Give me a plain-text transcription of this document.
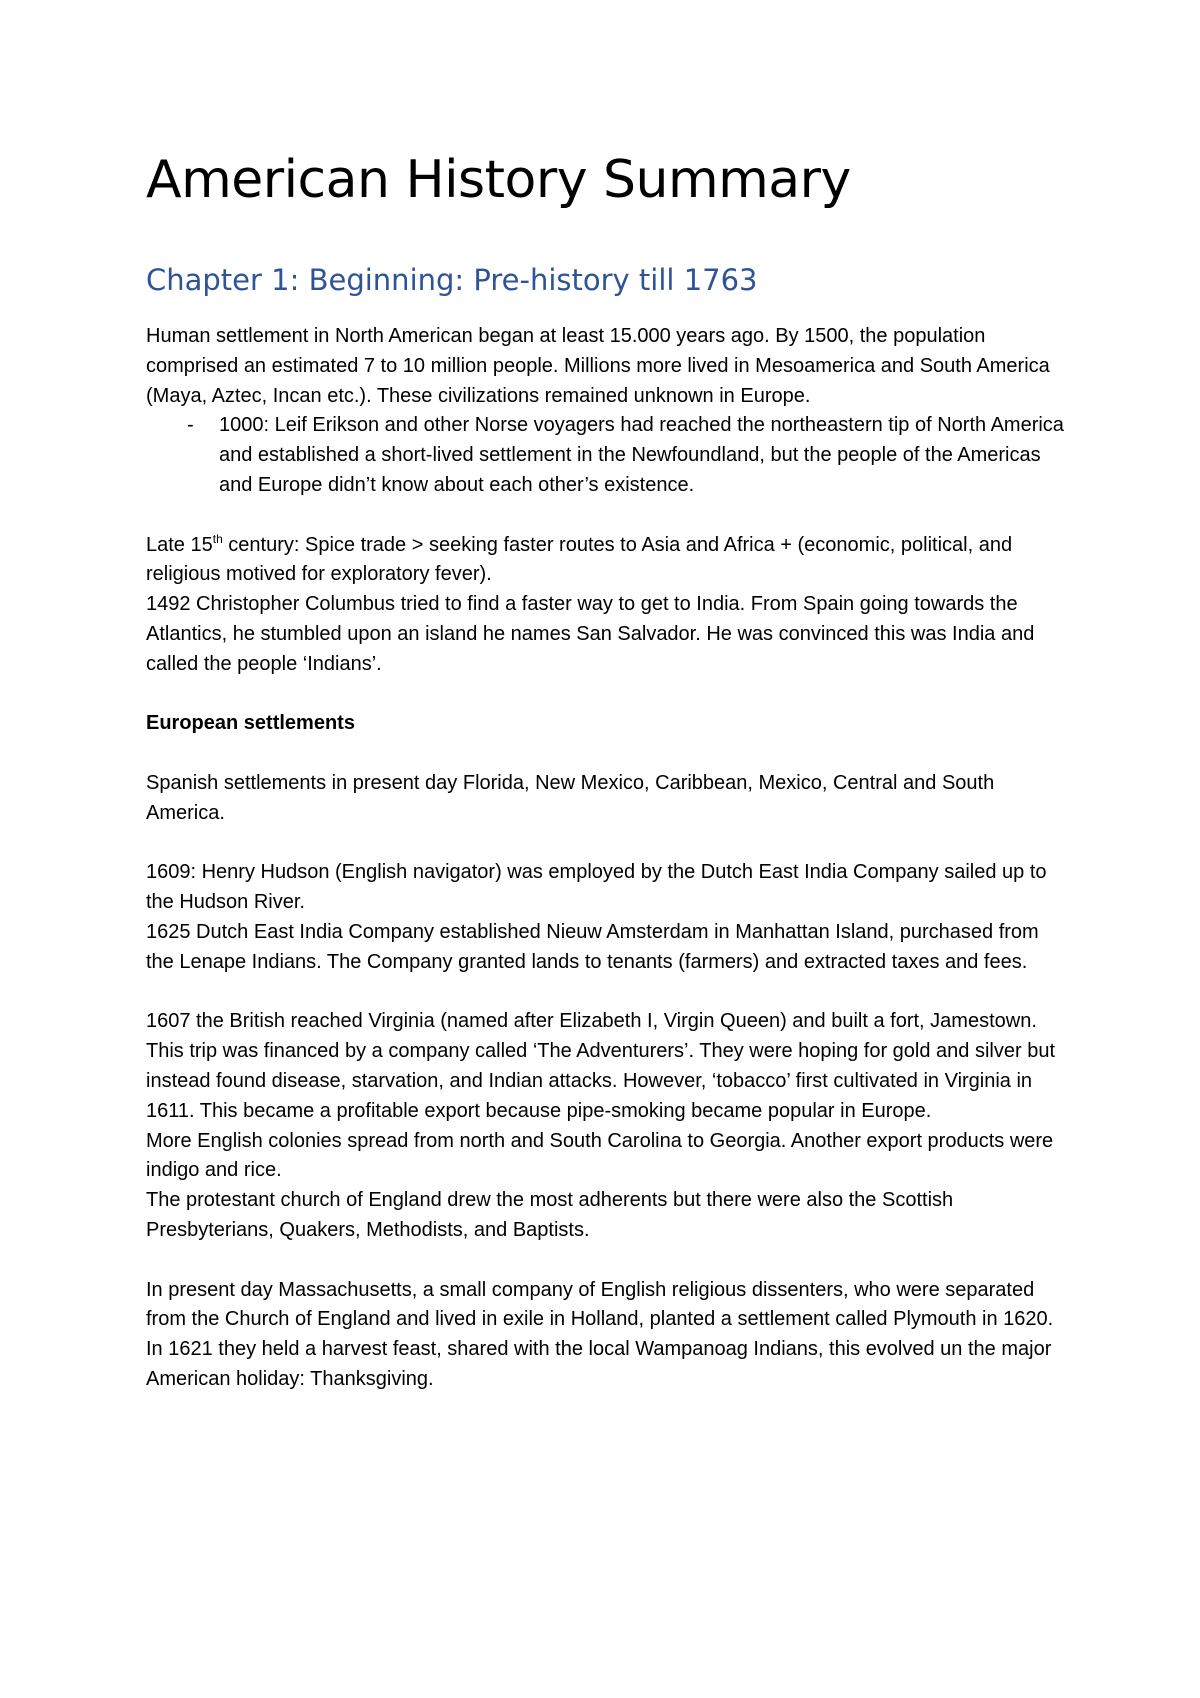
American History Summary
Chapter 1: Beginning: Pre-history till 1763

Human settlement in North American began at least 15.000 years ago. By 1500, the population comprised an estimated 7 to 10 million people. Millions more lived in Mesoamerica and South America (Maya, Aztec, Incan etc.). These civilizations remained unknown in Europe.

- 1000: Leif Erikson and other Norse voyagers had reached the northeastern tip of North America and established a short-lived settlement in the Newfoundland, but the people of the Americas and Europe didn’t know about each other’s existence.

Late 15th century: Spice trade > seeking faster routes to Asia and Africa + (economic, political, and religious motived for exploratory fever).

1492 Christopher Columbus tried to find a faster way to get to India. From Spain going towards the Atlantics, he stumbled upon an island he names San Salvador. He was convinced this was India and called the people ‘Indians’.

European settlements

Spanish settlements in present day Florida, New Mexico, Caribbean, Mexico, Central and South America.

1609: Henry Hudson (English navigator) was employed by the Dutch East India Company sailed up to the Hudson River.

1625 Dutch East India Company established Nieuw Amsterdam in Manhattan Island, purchased from the Lenape Indians. The Company granted lands to tenants (farmers) and extracted taxes and fees.

1607 the British reached Virginia (named after Elizabeth I, Virgin Queen) and built a fort, Jamestown. This trip was financed by a company called ‘The Adventurers’. They were hoping for gold and silver but instead found disease, starvation, and Indian attacks. However, ‘tobacco’ first cultivated in Virginia in 1611. This became a profitable export because pipe-smoking became popular in Europe.

More English colonies spread from north and South Carolina to Georgia. Another export products were indigo and rice.

The protestant church of England drew the most adherents but there were also the Scottish Presbyterians, Quakers, Methodists, and Baptists.

In present day Massachusetts, a small company of English religious dissenters, who were separated from the Church of England and lived in exile in Holland, planted a settlement called Plymouth in 1620.

In 1621 they held a harvest feast, shared with the local Wampanoag Indians, this evolved un the major American holiday: Thanksgiving.
